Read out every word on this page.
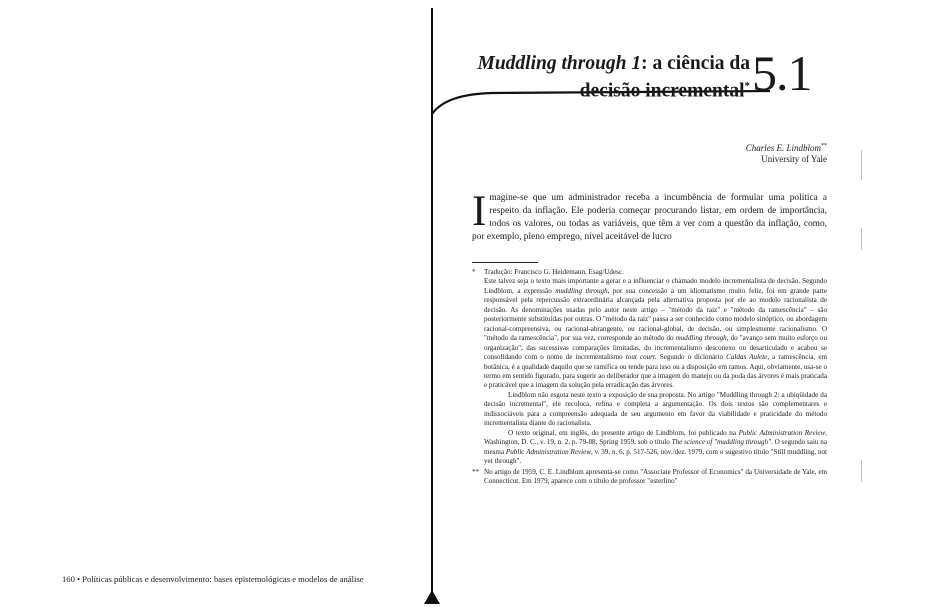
160 • Políticas públicas e desenvolvimento: bases epistemológicas e modelos de análise
Muddling through 1: a ciência da
decisão incremental* 5.1
Charles E. Lindblom**
University of Yale
Imagine-se que um administrador receba a incumbência de formular uma política a respeito da inflação. Ele poderia começar procurando listar, em ordem de importância, todos os valores, ou todas as variáveis, que têm a ver com a questão da inflação, como, por exemplo, pleno emprego, nível aceitável de lucro
* Tradução: Francisco G. Heidemann, Esag/Udesc.

Este talvez seja o texto mais importante a gerar e a influenciar o chamado modelo incrementalista de decisão. Segundo Lindblom, a expressão muddling through, por sua concessão a um idiomatismo muito feliz, foi em grande parte responsável pela repercussão extraordinária alcançada pela alternativa proposta por ele ao modelo racionalista de decisão. As denominações usadas pelo autor neste artigo – "método da raiz" e "método da ramescência" – são posteriormente substituídas por outras. O "método da raiz" passa a ser conhecido como modelo sinóptico, ou abordagem racional-compreensiva, ou racional-abrangente, ou racional-global, de decisão, ou simplesmente racionalismo. O "método da ramescência", por sua vez, corresponde ao método do muddling through, do "avanço sem muito esforço ou organização", das sucessivas comparações limitadas, do incrementalismo desconexo ou desarticulado e acabou se consolidando com o nome de incrementalismo tout court. Segundo o dicionário Caldas Aulete, a ramescência, em botânica, é a qualidade daquilo que se ramifica ou tende para isso ou a disposição em ramos. Aqui, obviamente, usa-se o termo em sentido figurado, para sugerir ao deliberador que a imagem do manejo ou da poda das árvores é mais praticada e praticável que a imagem da solução pela erradicação das árvores.

Lindblom não esgota neste texto a exposição de sua proposta. No artigo "Muddling through 2: a ubiqüidade da decisão incremental", ele recoloca, refina e completa a argumentação. Os dois textos são complementares e indissociáveis para a compreensão adequada de seu argumento em favor da viabilidade e praticidade do método incrementalista diante do racionalista.

O texto original, em inglês, do presente artigo de Lindblom, foi publicado na Public Administration Review, Washington, D. C., v. 19, n. 2, p. 79-88, Spring 1959, sob o título The science of "muddling through". O segundo saiu na mesma Public Administration Review, v. 39, n. 6, p. 517-526, nov./dez. 1979, com o sugestivo título "Still muddling, not yet through".

** No artigo de 1959, C. E. Lindblom apresenta-se como "Associate Professor of Economics" da Universidade de Yale, em Connecticut. Em 1979, aparece com o título de professor "esterlino"
